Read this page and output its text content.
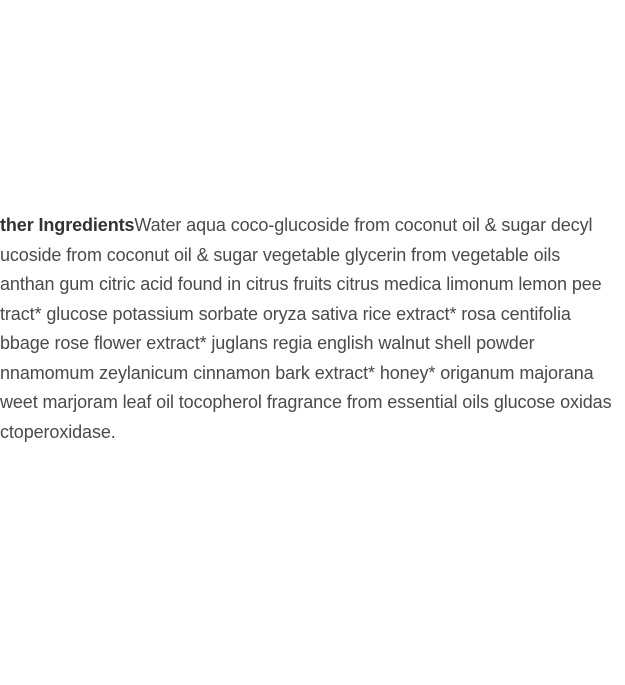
ther IngredientsWater aqua coco-glucoside from coconut oil & sugar decyl
ucoside from coconut oil & sugar vegetable glycerin from vegetable oils
anthan gum citric acid found in citrus fruits citrus medica limonum lemon pee
tract* glucose potassium sorbate oryza sativa rice extract* rosa centifolia
bbage rose flower extract* juglans regia english walnut shell powder
nnamomum zeylanicum cinnamon bark extract* honey* origanum majorana
weet marjoram leaf oil tocopherol fragrance from essential oils glucose oxidas
ctoperoxidase.
